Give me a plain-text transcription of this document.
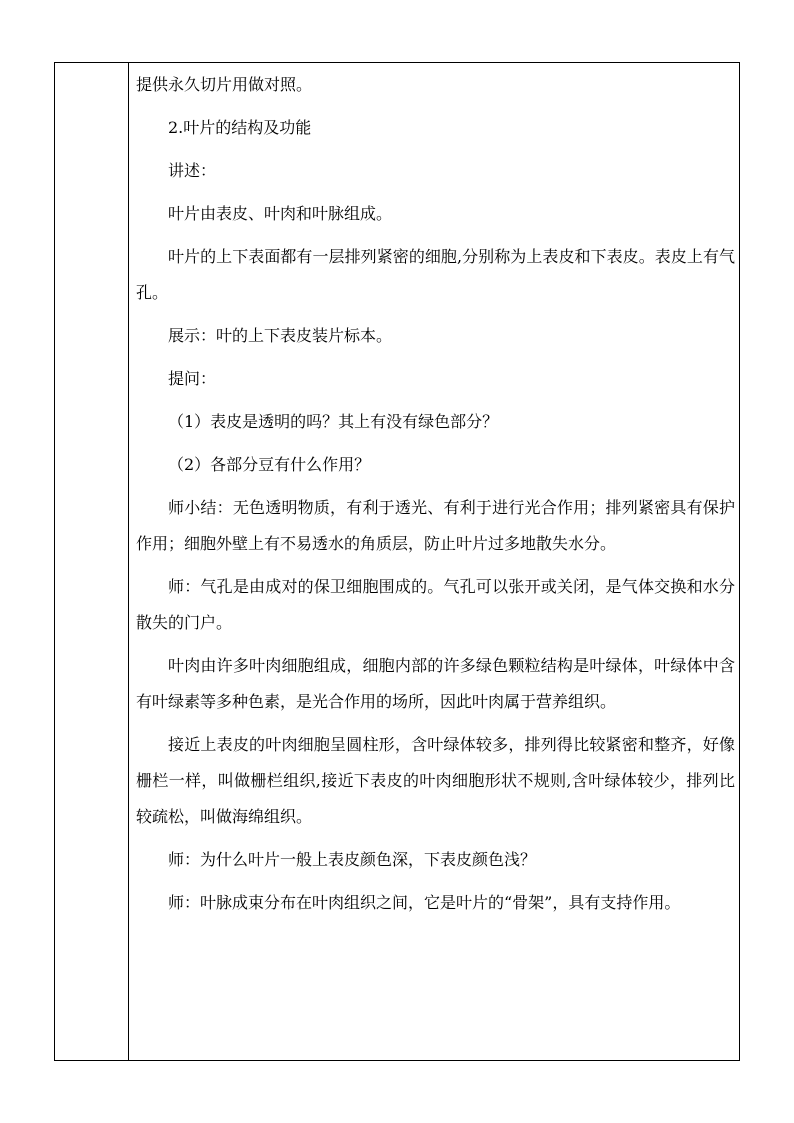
提供永久切片用做对照。

2.叶片的结构及功能

讲述：

叶片由表皮、叶肉和叶脉组成。

叶片的上下表面都有一层排列紧密的细胞,分别称为上表皮和下表皮。表皮上有气孔。

展示：叶的上下表皮装片标本。

提问：

（1）表皮是透明的吗？其上有没有绿色部分？

（2）各部分豆有什么作用？

师小结：无色透明物质，有利于透光、有利于进行光合作用；排列紧密具有保护作用；细胞外壁上有不易透水的角质层，防止叶片过多地散失水分。

师：气孔是由成对的保卫细胞围成的。气孔可以张开或关闭，是气体交换和水分散失的门户。

叶肉由许多叶肉细胞组成，细胞内部的许多绿色颗粒结构是叶绿体，叶绿体中含有叶绿素等多种色素，是光合作用的场所，因此叶肉属于营养组织。

接近上表皮的叶肉细胞呈圆柱形，含叶绿体较多，排列得比较紧密和整齐，好像栅栏一样，叫做栅栏组织,接近下表皮的叶肉细胞形状不规则,含叶绿体较少，排列比较疏松，叫做海绵组织。

师：为什么叶片一般上表皮颜色深，下表皮颜色浅？

师：叶脉成束分布在叶肉组织之间，它是叶片的“骨架”，具有支持作用。
